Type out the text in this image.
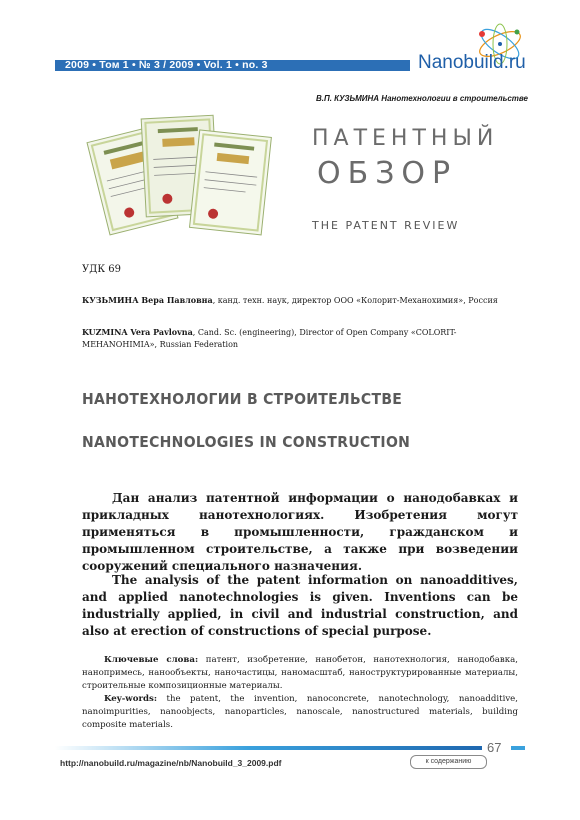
2009 • Том 1 • № 3 / 2009 • Vol. 1 • no. 3	Nanobuild.ru
В.П. КУЗЬМИНА Нанотехнологии в строительстве
ПАТЕНТНЫЙ
ОБЗОР
THE PATENT REVIEW
УДК 69
КУЗЬМИНА Вера Павловна, канд. техн. наук, директор ООО «Колорит-Механохимия», Россия
KUZMINA Vera Pavlovna, Cand. Sc. (engineering), Director of Open Company «COLORIT-MEHANOHIMIA», Russian Federation
НАНОТЕХНОЛОГИИ В СТРОИТЕЛЬСТВЕ
NANOTECHNOLOGIES IN CONSTRUCTION
Дан анализ патентной информации о нанодобавках и прикладных нанотехнологиях. Изобретения могут применяться в промышленности, гражданском и промышленном строительстве, а также при возведении сооружений специального назначения.
The analysis of the patent information on nanoadditives, and applied nanotechnologies is given. Inventions can be industrially applied, in civil and industrial construction, and also at erection of constructions of special purpose.
Ключевые слова: патент, изобретение, нанобетон, нанотехнология, нанодобавка, нанопримесь, нанообъекты, наночастицы, наномасштаб, наноструктурированные материалы, строительные композиционные материалы.
Key-words: the patent, the invention, nanoconcrete, nanotechnology, nanoadditive, nanoimpurities, nanoobjects, nanoparticles, nanoscale, nanostructured materials, building composite materials.
67
http://nanobuild.ru/magazine/nb/Nanobuild_3_2009.pdf	к содержанию
